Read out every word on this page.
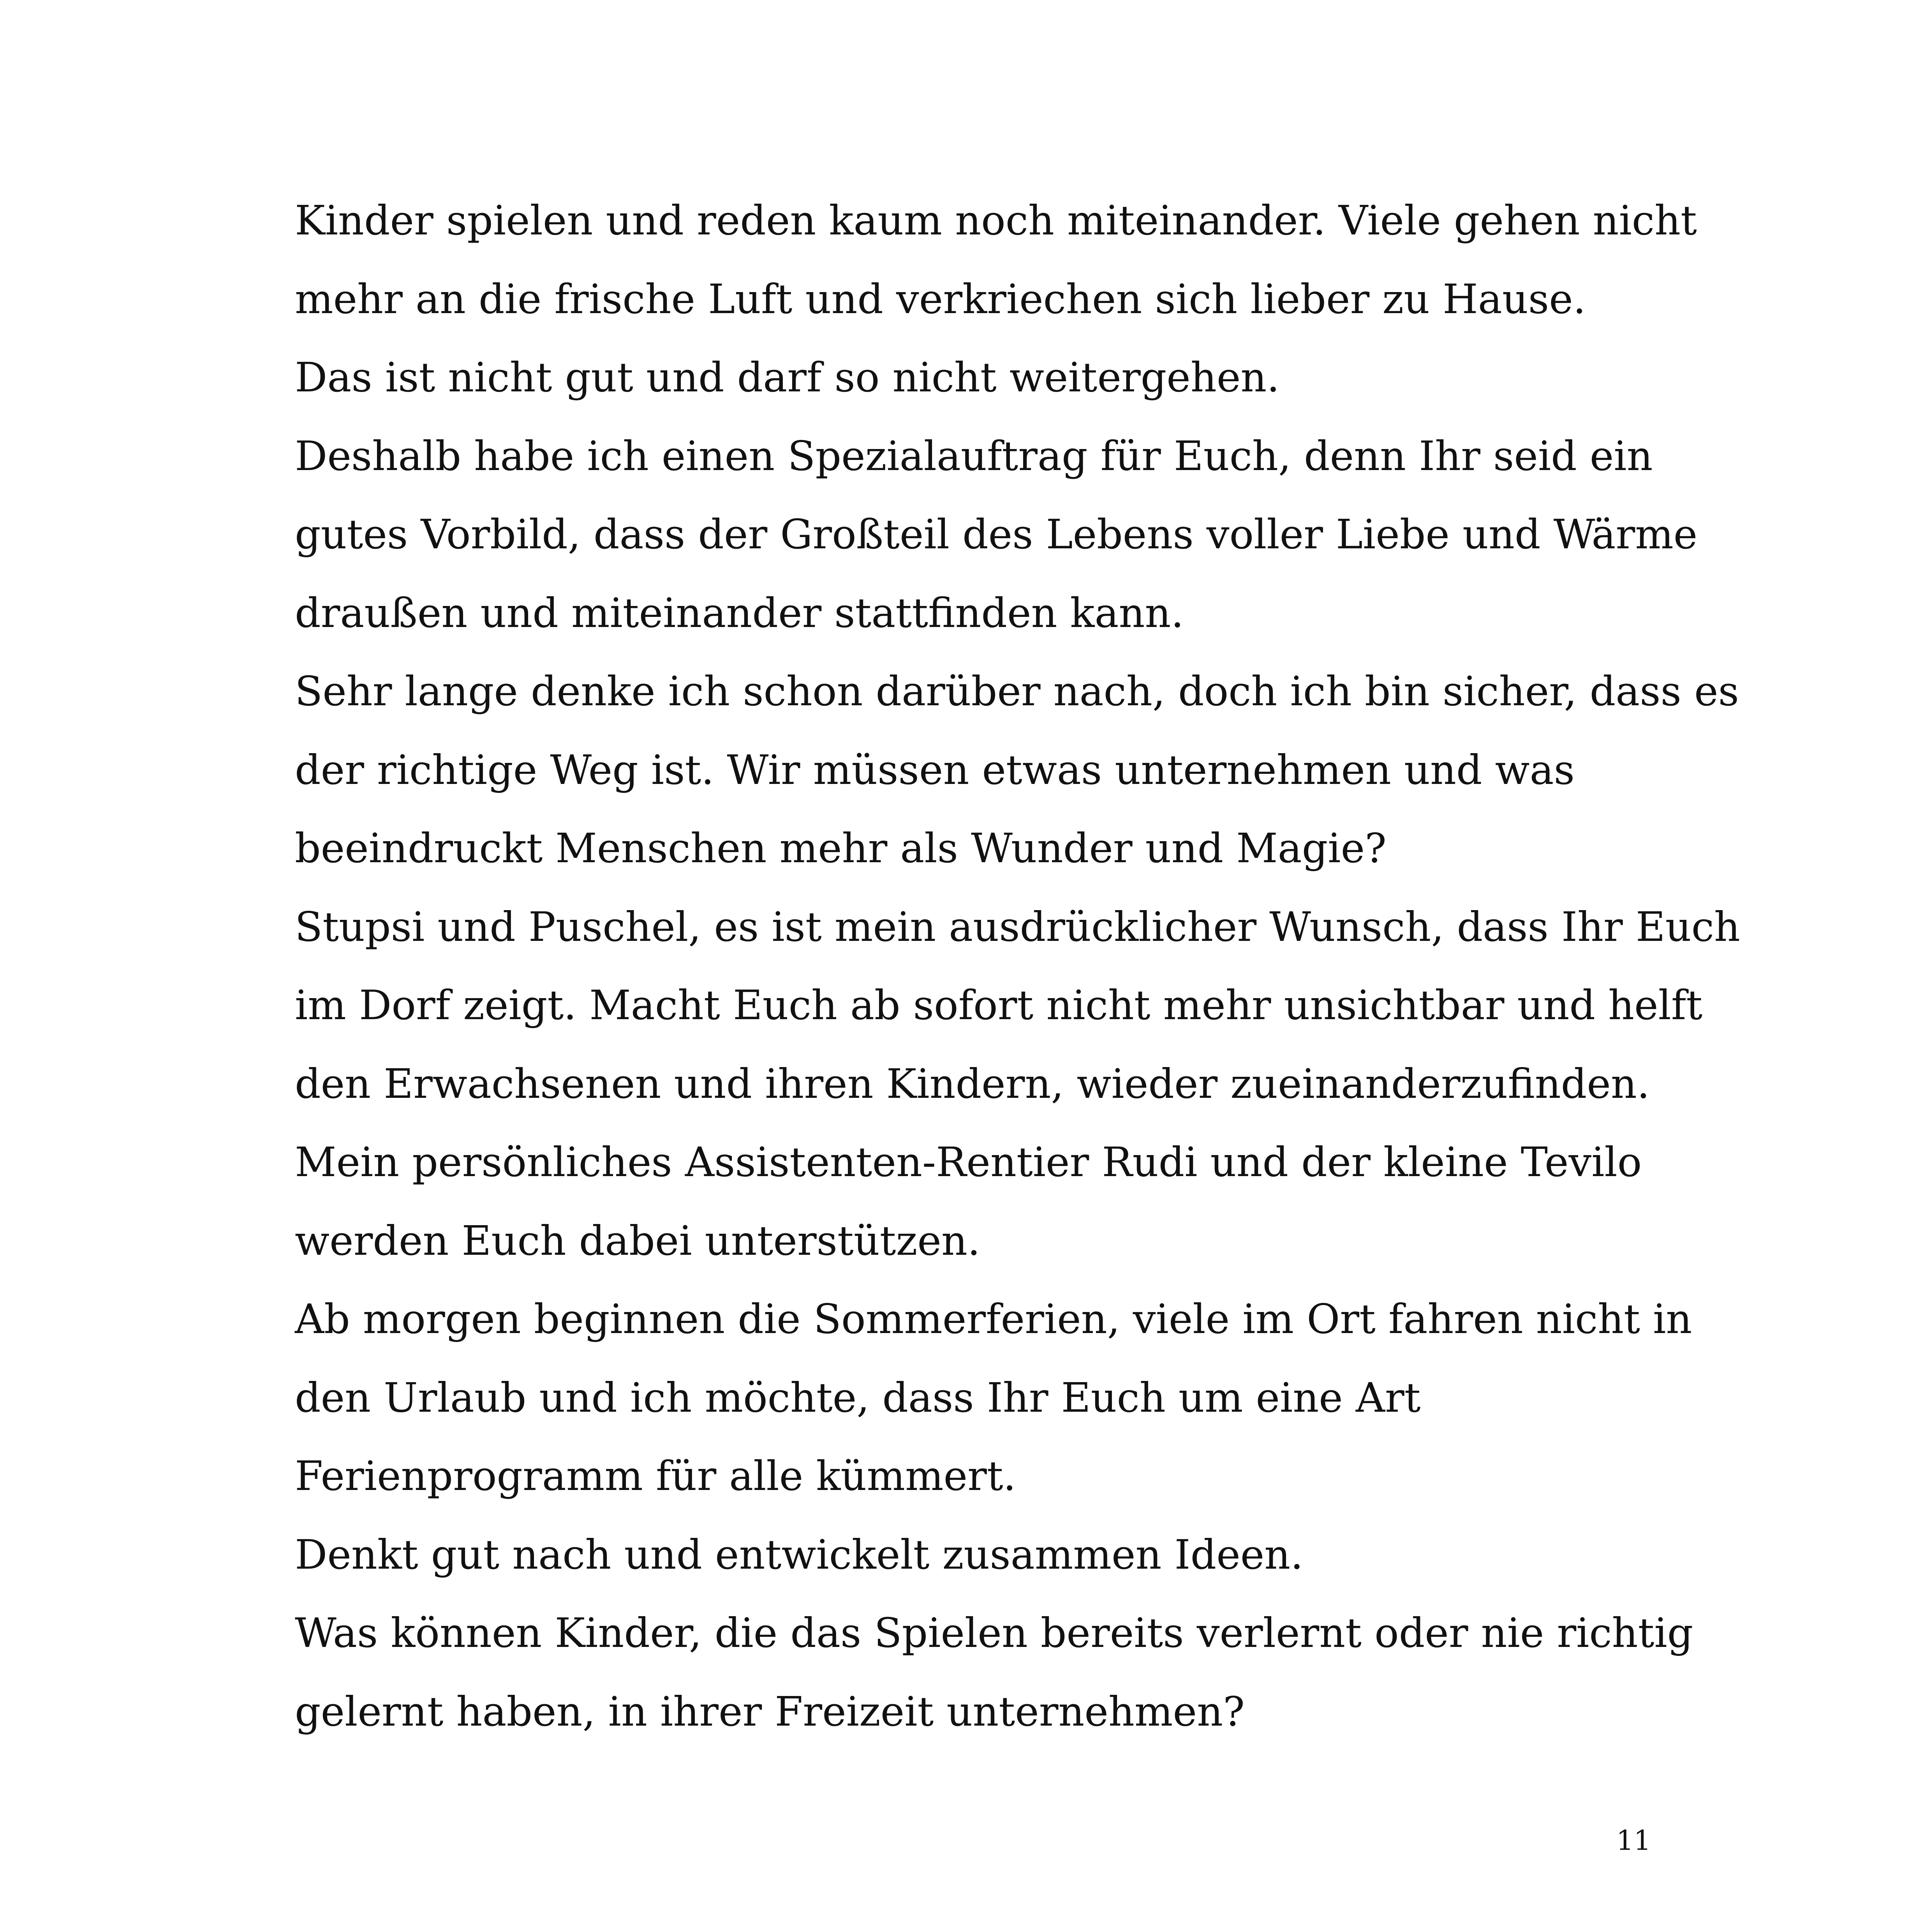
Kinder spielen und reden kaum noch miteinander. Viele gehen nicht
mehr an die frische Luft und verkriechen sich lieber zu Hause.
Das ist nicht gut und darf so nicht weitergehen.
Deshalb habe ich einen Spezialauftrag für Euch, denn Ihr seid ein
gutes Vorbild, dass der Großteil des Lebens voller Liebe und Wärme
draußen und miteinander stattfinden kann.
Sehr lange denke ich schon darüber nach, doch ich bin sicher, dass es
der richtige Weg ist. Wir müssen etwas unternehmen und was
beeindruckt Menschen mehr als Wunder und Magie?
Stupsi und Puschel, es ist mein ausdrücklicher Wunsch, dass Ihr Euch
im Dorf zeigt. Macht Euch ab sofort nicht mehr unsichtbar und helft
den Erwachsenen und ihren Kindern, wieder zueinanderzufinden.
Mein persönliches Assistenten-Rentier Rudi und der kleine Tevilo
werden Euch dabei unterstützen.
Ab morgen beginnen die Sommerferien, viele im Ort fahren nicht in
den Urlaub und ich möchte, dass Ihr Euch um eine Art
Ferienprogramm für alle kümmert.
Denkt gut nach und entwickelt zusammen Ideen.
Was können Kinder, die das Spielen bereits verlernt oder nie richtig
gelernt haben, in ihrer Freizeit unternehmen?

11
